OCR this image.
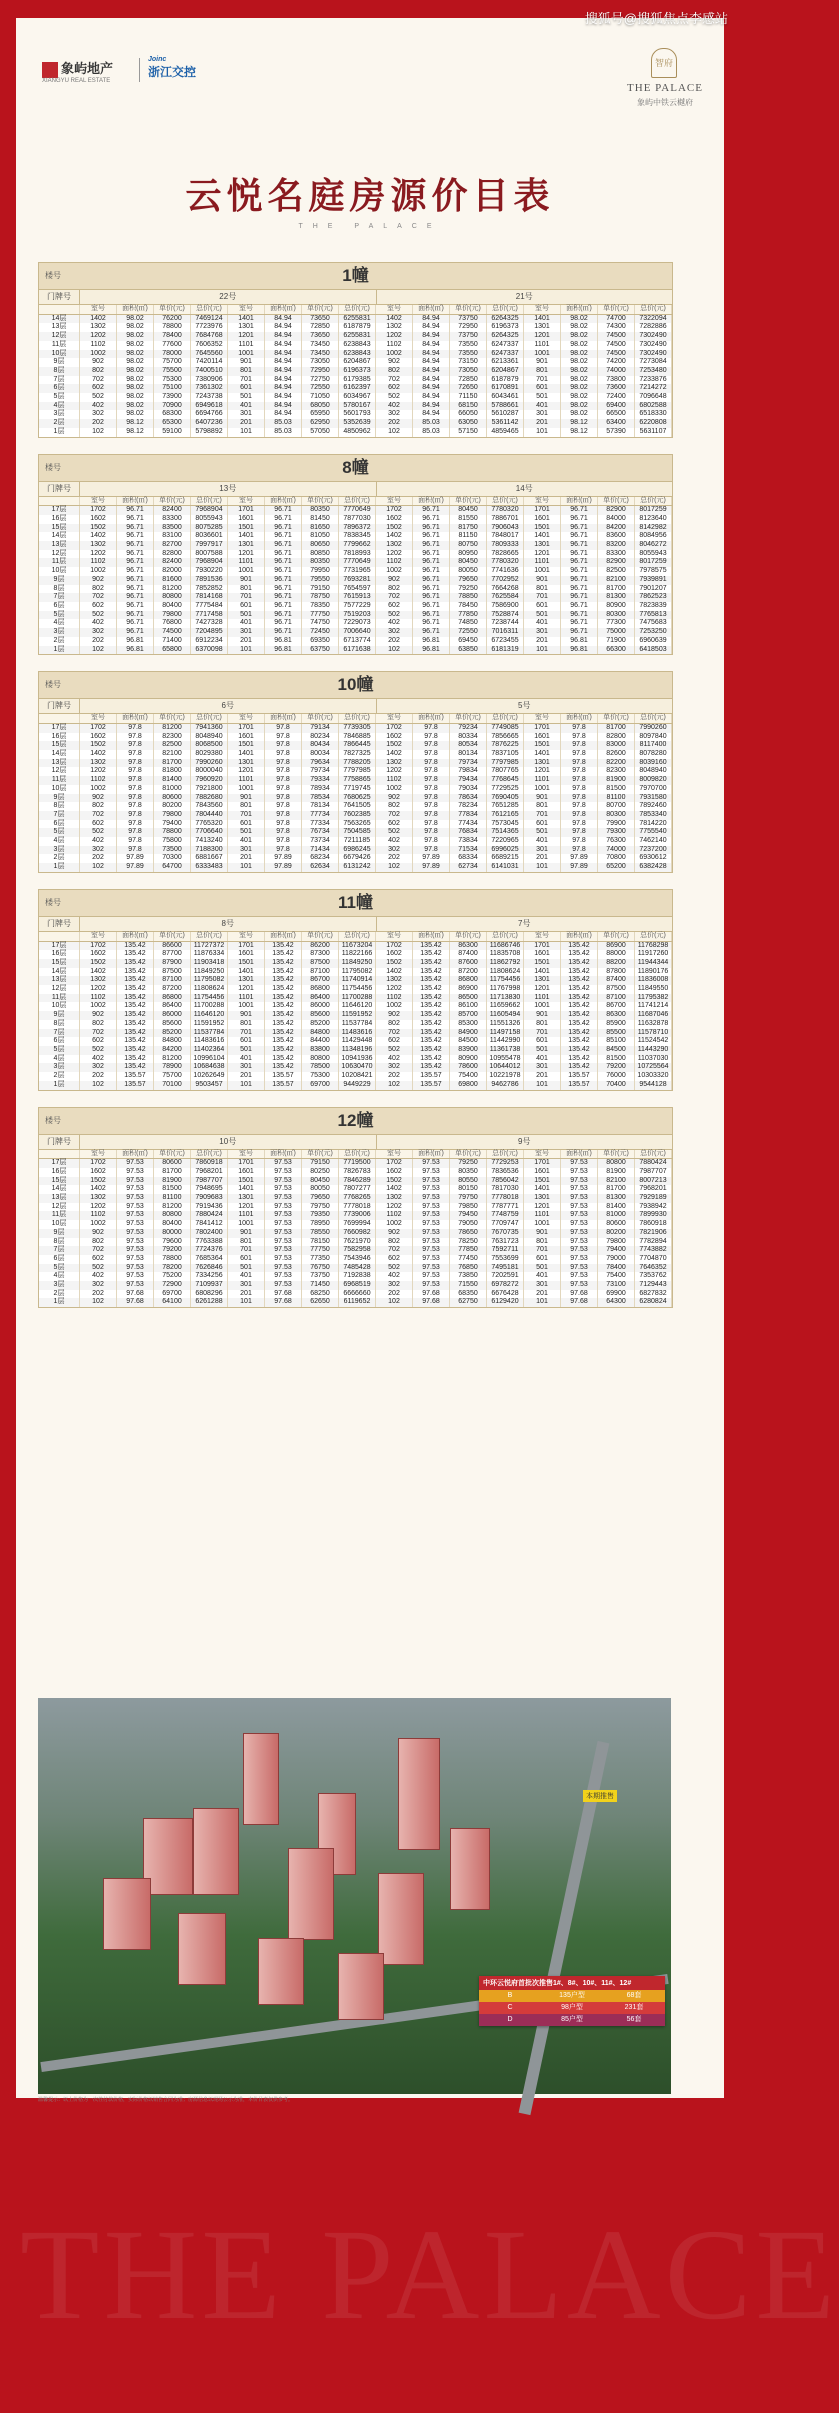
搜狐号@搜狐焦点李感站
象屿地产
XIANGYU REAL ESTATE
Joinc
浙江交控
智府
THE PALACE
象屿中铁云樾府
云悦名庭房源价目表
THE PALACE
楼号	1幢
门牌号	22号	21号
	室号	面积(㎡)	单价(元)	总价(元)	室号	面积(㎡)	单价(元)	总价(元)	室号	面积(㎡)	单价(元)	总价(元)	室号	面积(㎡)	单价(元)	总价(元)
14层	1402	98.02	76200	7469124	1401	84.94	73650	6255831	1402	84.94	73750	6264325	1401	98.02	74700	7322094
13层	1302	98.02	78800	7723976	1301	84.94	72850	6187879	1302	84.94	72950	6196373	1301	98.02	74300	7282886
12层	1202	98.02	78400	7684768	1201	84.94	73650	6255831	1202	84.94	73750	6264325	1201	98.02	74500	7302490
11层	1102	98.02	77600	7606352	1101	84.94	73450	6238843	1102	84.94	73550	6247337	1101	98.02	74500	7302490
10层	1002	98.02	78000	7645560	1001	84.94	73450	6238843	1002	84.94	73550	6247337	1001	98.02	74500	7302490
9层	902	98.02	75700	7420114	901	84.94	73050	6204867	902	84.94	73150	6213361	901	98.02	74200	7273084
8层	802	98.02	75500	7400510	801	84.94	72950	6196373	802	84.94	73050	6204867	801	98.02	74000	7253480
7层	702	98.02	75300	7380906	701	84.94	72750	6179385	702	84.94	72850	6187879	701	98.02	73800	7233876
6层	602	98.02	75100	7361302	601	84.94	72550	6162397	602	84.94	72650	6170891	601	98.02	73600	7214272
5层	502	98.02	73900	7243738	501	84.94	71050	6034967	502	84.94	71150	6043461	501	98.02	72400	7096648
4层	402	98.02	70900	6949618	401	84.94	68050	5780167	402	84.94	68150	5788661	401	98.02	69400	6802588
3层	302	98.02	68300	6694766	301	84.94	65950	5601793	302	84.94	66050	5610287	301	98.02	66500	6518330
2层	202	98.12	65300	6407236	201	85.03	62950	5352639	202	85.03	63050	5361142	201	98.12	63400	6220808
1层	102	98.12	59100	5798892	101	85.03	57050	4850962	102	85.03	57150	4859465	101	98.12	57390	5631107
楼号	8幢
门牌号	13号	14号
	室号	面积(㎡)	单价(元)	总价(元)	室号	面积(㎡)	单价(元)	总价(元)	室号	面积(㎡)	单价(元)	总价(元)	室号	面积(㎡)	单价(元)	总价(元)
17层	1702	96.71	82400	7968904	1701	96.71	80350	7770649	1702	96.71	80450	7780320	1701	96.71	82900	8017259
16层	1602	96.71	83300	8055943	1601	96.71	81450	7877030	1602	96.71	81550	7886701	1601	96.71	84000	8123640
15层	1502	96.71	83500	8075285	1501	96.71	81650	7896372	1502	96.71	81750	7906043	1501	96.71	84200	8142982
14层	1402	96.71	83100	8036601	1401	96.71	81050	7838345	1402	96.71	81150	7848017	1401	96.71	83600	8084956
13层	1302	96.71	82700	7997917	1301	96.71	80650	7799662	1302	96.71	80750	7809333	1301	96.71	83200	8046272
12层	1202	96.71	82800	8007588	1201	96.71	80850	7818993	1202	96.71	80950	7828665	1201	96.71	83300	8055943
11层	1102	96.71	82400	7968904	1101	96.71	80350	7770649	1102	96.71	80450	7780320	1101	96.71	82900	8017259
10层	1002	96.71	82000	7930220	1001	96.71	79950	7731965	1002	96.71	80050	7741636	1001	96.71	82500	7978575
9层	902	96.71	81600	7891536	901	96.71	79550	7693281	902	96.71	79650	7702952	901	96.71	82100	7939891
8层	802	96.71	81200	7852852	801	96.71	79150	7654597	802	96.71	79250	7664268	801	96.71	81700	7901207
7层	702	96.71	80800	7814168	701	96.71	78750	7615913	702	96.71	78850	7625584	701	96.71	81300	7862523
6层	602	96.71	80400	7775484	601	96.71	78350	7577229	602	96.71	78450	7586900	601	96.71	80900	7823839
5层	502	96.71	79800	7717458	501	96.71	77750	7519203	502	96.71	77850	7528874	501	96.71	80300	7765813
4层	402	96.71	76800	7427328	401	96.71	74750	7229073	402	96.71	74850	7238744	401	96.71	77300	7475683
3层	302	96.71	74500	7204895	301	96.71	72450	7006640	302	96.71	72550	7016311	301	96.71	75000	7253250
2层	202	96.81	71400	6912234	201	96.81	69350	6713774	202	96.81	69450	6723455	201	96.81	71900	6960639
1层	102	96.81	65800	6370098	101	96.81	63750	6171638	102	96.81	63850	6181319	101	96.81	66300	6418503
楼号	10幢
门牌号	6号	5号
	室号	面积(㎡)	单价(元)	总价(元)	室号	面积(㎡)	单价(元)	总价(元)	室号	面积(㎡)	单价(元)	总价(元)	室号	面积(㎡)	单价(元)	总价(元)
17层	1702	97.8	81200	7941360	1701	97.8	79134	7739305	1702	97.8	79234	7749085	1701	97.8	81700	7990260
16层	1602	97.8	82300	8048940	1601	97.8	80234	7846885	1602	97.8	80334	7856665	1601	97.8	82800	8097840
15层	1502	97.8	82500	8068500	1501	97.8	80434	7866445	1502	97.8	80534	7876225	1501	97.8	83000	8117400
14层	1402	97.8	82100	8029380	1401	97.8	80034	7827325	1402	97.8	80134	7837105	1401	97.8	82600	8078280
13层	1302	97.8	81700	7990260	1301	97.8	79634	7788205	1302	97.8	79734	7797985	1301	97.8	82200	8039160
12层	1202	97.8	81800	8000040	1201	97.8	79734	7797985	1202	97.8	79834	7807765	1201	97.8	82300	8048940
11层	1102	97.8	81400	7960920	1101	97.8	79334	7758865	1102	97.8	79434	7768645	1101	97.8	81900	8009820
10层	1002	97.8	81000	7921800	1001	97.8	78934	7719745	1002	97.8	79034	7729525	1001	97.8	81500	7970700
9层	902	97.8	80600	7882680	901	97.8	78534	7680625	902	97.8	78634	7690405	901	97.8	81100	7931580
8层	802	97.8	80200	7843560	801	97.8	78134	7641505	802	97.8	78234	7651285	801	97.8	80700	7892460
7层	702	97.8	79800	7804440	701	97.8	77734	7602385	702	97.8	77834	7612165	701	97.8	80300	7853340
6层	602	97.8	79400	7765320	601	97.8	77334	7563265	602	97.8	77434	7573045	601	97.8	79900	7814220
5层	502	97.8	78800	7706640	501	97.8	76734	7504585	502	97.8	76834	7514365	501	97.8	79300	7755540
4层	402	97.8	75800	7413240	401	97.8	73734	7211185	402	97.8	73834	7220965	401	97.8	76300	7462140
3层	302	97.8	73500	7188300	301	97.8	71434	6986245	302	97.8	71534	6996025	301	97.8	74000	7237200
2层	202	97.89	70300	6881667	201	97.89	68234	6679426	202	97.89	68334	6689215	201	97.89	70800	6930612
1层	102	97.89	64700	6333483	101	97.89	62634	6131242	102	97.89	62734	6141031	101	97.89	65200	6382428
楼号	11幢
门牌号	8号	7号
	室号	面积(㎡)	单价(元)	总价(元)	室号	面积(㎡)	单价(元)	总价(元)	室号	面积(㎡)	单价(元)	总价(元)	室号	面积(㎡)	单价(元)	总价(元)
17层	1702	135.42	86600	11727372	1701	135.42	86200	11673204	1702	135.42	86300	11686746	1701	135.42	86900	11768298
16层	1602	135.42	87700	11876334	1601	135.42	87300	11822166	1602	135.42	87400	11835708	1601	135.42	88000	11917260
15层	1502	135.42	87900	11903418	1501	135.42	87500	11849250	1502	135.42	87600	11862792	1501	135.42	88200	11944344
14层	1402	135.42	87500	11849250	1401	135.42	87100	11795082	1402	135.42	87200	11808624	1401	135.42	87800	11890176
13层	1302	135.42	87100	11795082	1301	135.42	86700	11740914	1302	135.42	86800	11754456	1301	135.42	87400	11836008
12层	1202	135.42	87200	11808624	1201	135.42	86800	11754456	1202	135.42	86900	11767998	1201	135.42	87500	11849550
11层	1102	135.42	86800	11754456	1101	135.42	86400	11700288	1102	135.42	86500	11713830	1101	135.42	87100	11795382
10层	1002	135.42	86400	11700288	1001	135.42	86000	11646120	1002	135.42	86100	11659662	1001	135.42	86700	11741214
9层	902	135.42	86000	11646120	901	135.42	85600	11591952	902	135.42	85700	11605494	901	135.42	86300	11687046
8层	802	135.42	85600	11591952	801	135.42	85200	11537784	802	135.42	85300	11551326	801	135.42	85900	11632878
7层	702	135.42	85200	11537784	701	135.42	84800	11483616	702	135.42	84900	11497158	701	135.42	85500	11578710
6层	602	135.42	84800	11483616	601	135.42	84400	11429448	602	135.42	84500	11442990	601	135.42	85100	11524542
5层	502	135.42	84200	11402364	501	135.42	83800	11348196	502	135.42	83900	11361738	501	135.42	84500	11443290
4层	402	135.42	81200	10996104	401	135.42	80800	10941936	402	135.42	80900	10955478	401	135.42	81500	11037030
3层	302	135.42	78900	10684638	301	135.42	78500	10630470	302	135.42	78600	10644012	301	135.42	79200	10725564
2层	202	135.57	75700	10262649	201	135.57	75300	10208421	202	135.57	75400	10221978	201	135.57	76000	10303320
1层	102	135.57	70100	9503457	101	135.57	69700	9449229	102	135.57	69800	9462786	101	135.57	70400	9544128
楼号	12幢
门牌号	10号	9号
	室号	面积(㎡)	单价(元)	总价(元)	室号	面积(㎡)	单价(元)	总价(元)	室号	面积(㎡)	单价(元)	总价(元)	室号	面积(㎡)	单价(元)	总价(元)
17层	1702	97.53	80600	7860918	1701	97.53	79150	7719500	1702	97.53	79250	7729253	1701	97.53	80800	7880424
16层	1602	97.53	81700	7968201	1601	97.53	80250	7826783	1602	97.53	80350	7836536	1601	97.53	81900	7987707
15层	1502	97.53	81900	7987707	1501	97.53	80450	7846289	1502	97.53	80550	7856042	1501	97.53	82100	8007213
14层	1402	97.53	81500	7948695	1401	97.53	80050	7807277	1402	97.53	80150	7817030	1401	97.53	81700	7968201
13层	1302	97.53	81100	7909683	1301	97.53	79650	7768265	1302	97.53	79750	7778018	1301	97.53	81300	7929189
12层	1202	97.53	81200	7919436	1201	97.53	79750	7778018	1202	97.53	79850	7787771	1201	97.53	81400	7938942
11层	1102	97.53	80800	7880424	1101	97.53	79350	7739006	1102	97.53	79450	7748759	1101	97.53	81000	7899930
10层	1002	97.53	80400	7841412	1001	97.53	78950	7699994	1002	97.53	79050	7709747	1001	97.53	80600	7860918
9层	902	97.53	80000	7802400	901	97.53	78550	7660982	902	97.53	78650	7670735	901	97.53	80200	7821906
8层	802	97.53	79600	7763388	801	97.53	78150	7621970	802	97.53	78250	7631723	801	97.53	79800	7782894
7层	702	97.53	79200	7724376	701	97.53	77750	7582958	702	97.53	77850	7592711	701	97.53	79400	7743882
6层	602	97.53	78800	7685364	601	97.53	77350	7543946	602	97.53	77450	7553699	601	97.53	79000	7704870
5层	502	97.53	78200	7626846	501	97.53	76750	7485428	502	97.53	76850	7495181	501	97.53	78400	7646352
4层	402	97.53	75200	7334256	401	97.53	73750	7192838	402	97.53	73850	7202591	401	97.53	75400	7353762
3层	302	97.53	72900	7109937	301	97.53	71450	6968519	302	97.53	71550	6978272	301	97.53	73100	7129443
2层	202	97.68	69700	6808296	201	97.68	68250	6666660	202	97.68	68350	6676428	201	97.68	69900	6827832
1层	102	97.68	64100	6261288	101	97.68	62650	6119652	102	97.68	62750	6129420	101	97.68	64300	6280824
本期推售
中环云悦府首批次推售1#、8#、10#、11#、12#
B	135户型	68套
C	98户型	231套
D	85户型	56套
温馨提示：以上价格为一次性付款价格，实际价格以销售合同为准；房源信息以现场公示为准，本价目表仅供参考。
THE PALACE
